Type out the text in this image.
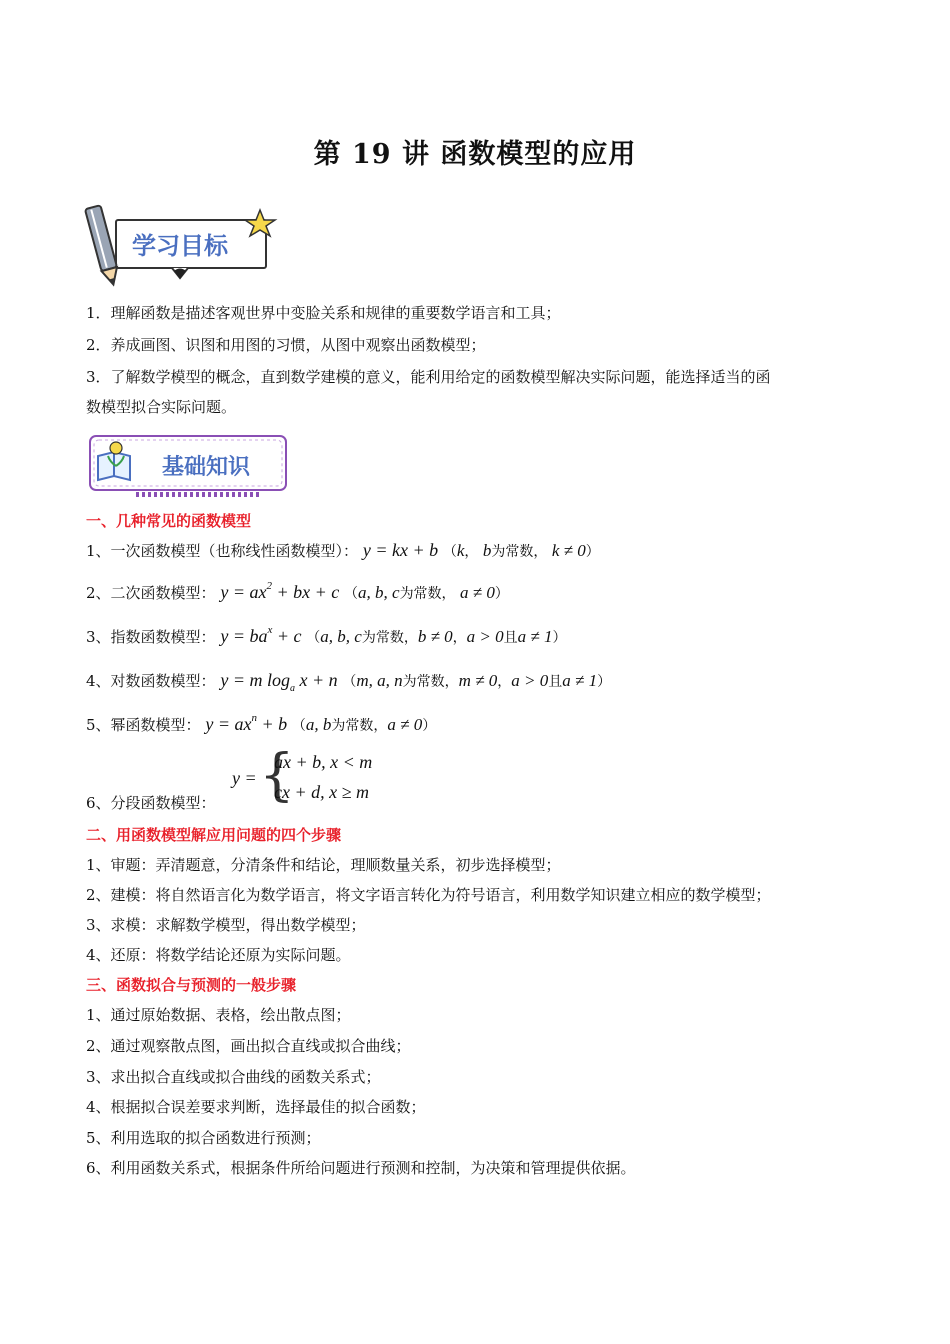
第 19 讲 函数模型的应用
学习目标
1．理解函数是描述客观世界中变脸关系和规律的重要数学语言和工具；
2．养成画图、识图和用图的习惯，从图中观察出函数模型；
3．了解数学模型的概念，直到数学建模的意义，能利用给定的函数模型解决实际问题，能选择适当的函
数模型拟合实际问题。
基础知识
一、几种常见的函数模型
1、一次函数模型（也称线性函数模型）： y = kx + b （k， b为常数， k ≠ 0）
2、二次函数模型： $y = ax^2$ + bx + c （a, b, c为常数， a ≠ 0）
3、指数函数模型： $y = ba^x + c$ （a, b, c为常数，b ≠ 0，a > 0且a ≠ 1）
4、对数函数模型： y = m $\log_a x + n$ （m, a, n为常数，m ≠ 0，a > 0且a ≠ 1）
5、幂函数模型： $y = ax^n + b$ （a, b为常数，a ≠ 0）
6、分段函数模型：
y = {
ax + b, x < m
cx + d, x ≥ m
二、用函数模型解应用问题的四个步骤
1、审题：弄清题意，分清条件和结论，理顺数量关系，初步选择模型；
2、建模：将自然语言化为数学语言，将文字语言转化为符号语言，利用数学知识建立相应的数学模型；
3、求模：求解数学模型，得出数学模型；
4、还原：将数学结论还原为实际问题。
三、函数拟合与预测的一般步骤
1、通过原始数据、表格，绘出散点图；
2、通过观察散点图，画出拟合直线或拟合曲线；
3、求出拟合直线或拟合曲线的函数关系式；
4、根据拟合误差要求判断，选择最佳的拟合函数；
5、利用选取的拟合函数进行预测；
6、利用函数关系式，根据条件所给问题进行预测和控制，为决策和管理提供依据。
